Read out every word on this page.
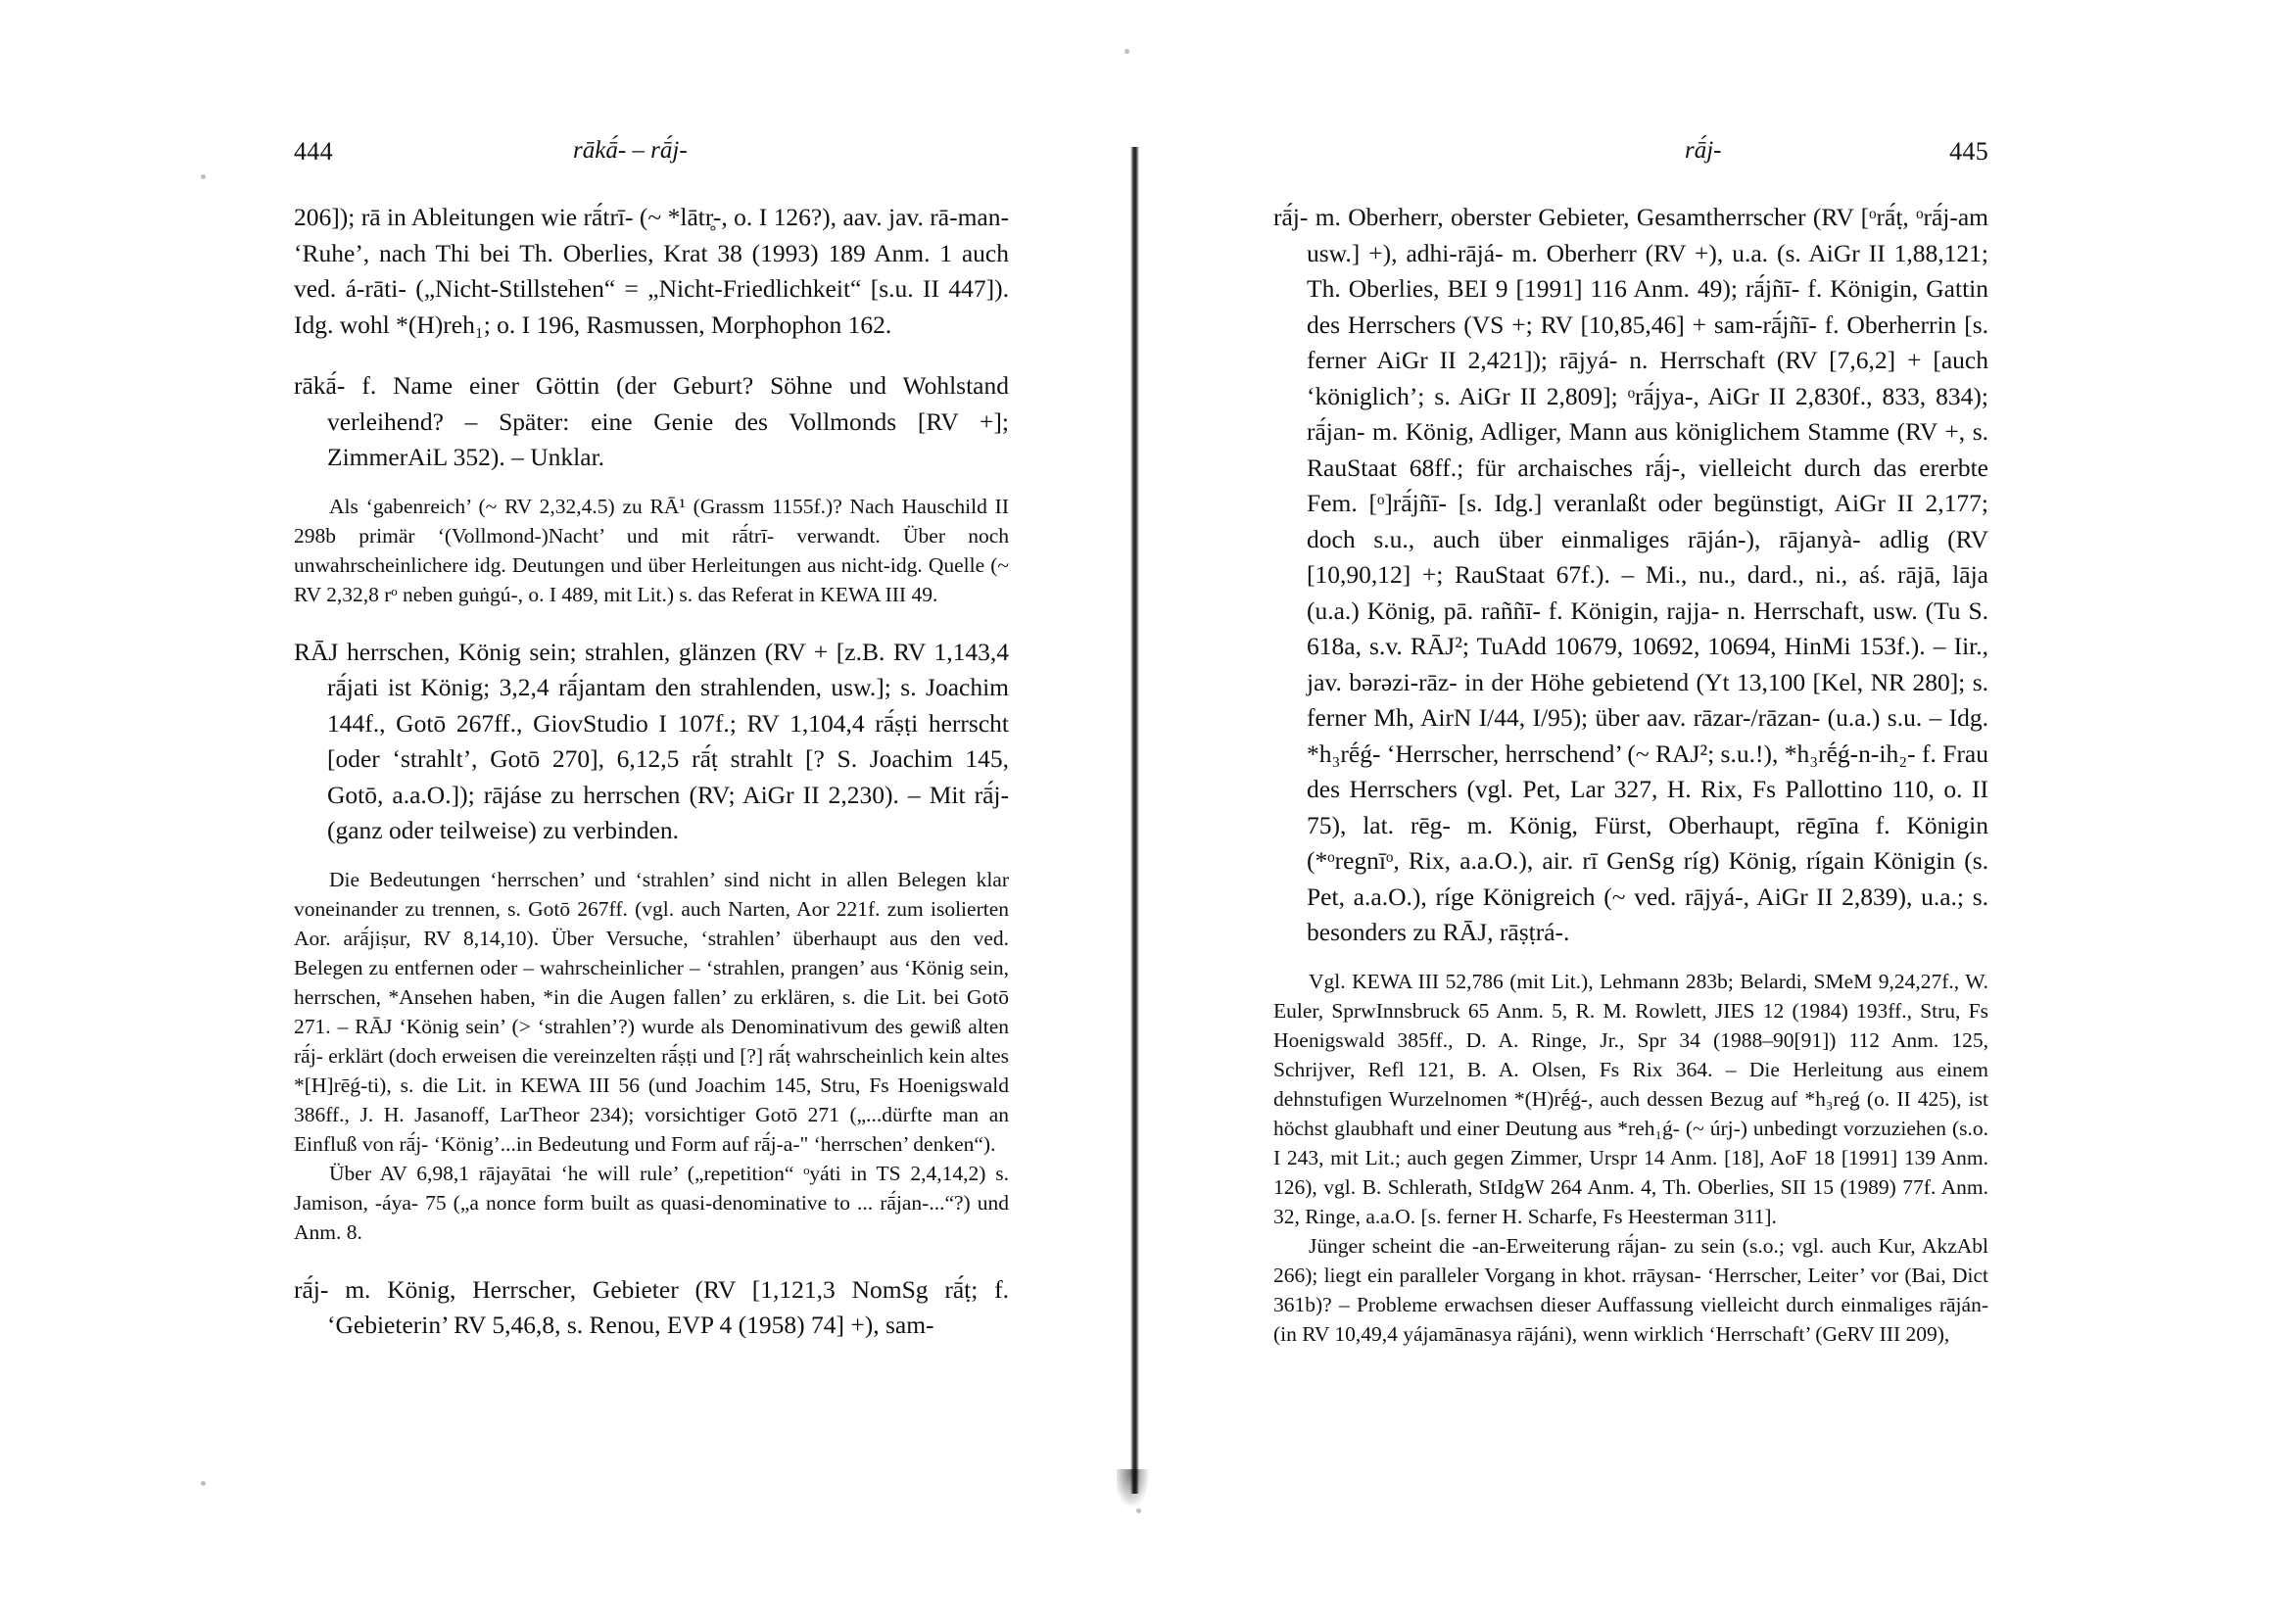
444	rākā́- – rā́j-

206]); rā in Ableitungen wie rā́trī- (~ *lātr̥-, o. I 126?), aav. jav. rā-man- ‘Ruhe’, nach Thi bei Th. Oberlies, Krat 38 (1993) 189 Anm. 1 auch ved. á-rāti- („Nicht-Stillstehen“ = „Nicht-Friedlichkeit“ [s.u. II 447]). Idg. wohl *(H)reh₁; o. I 196, Rasmussen, Morphophon 162.

rākā́- f. Name einer Göttin (der Geburt? Söhne und Wohlstand verleihend? – Später: eine Genie des Vollmonds [RV +]; ZimmerAiL 352). – Unklar.

Als ‘gabenreich’ (~ RV 2,32,4.5) zu RĀ¹ (Grassm 1155f.)? Nach Hauschild II 298b primär ‘(Vollmond-)Nacht’ und mit rā́trī- verwandt. Über noch unwahrscheinlichere idg. Deutungen und über Herleitungen aus nicht-idg. Quelle (~ RV 2,32,8 rᵒ neben guṅgú-, o. I 489, mit Lit.) s. das Referat in KEWA III 49.

RĀJ herrschen, König sein; strahlen, glänzen (RV + [z.B. RV 1,143,4 rā́jati ist König; 3,2,4 rā́jantam den strahlenden, usw.]; s. Joachim 144f., Gotō 267ff., GiovStudio I 107f.; RV 1,104,4 rā́ṣṭi herrscht [oder ‘strahlt’, Gotō 270], 6,12,5 rā́ṭ strahlt [? S. Joachim 145, Gotō, a.a.O.]); rājáse zu herrschen (RV; AiGr II 2,230). – Mit rā́j- (ganz oder teilweise) zu verbinden.

Die Bedeutungen ‘herrschen’ und ‘strahlen’ sind nicht in allen Belegen klar voneinander zu trennen, s. Gotō 267ff. (vgl. auch Narten, Aor 221f. zum isolierten Aor. arā́jiṣur, RV 8,14,10). Über Versuche, ‘strahlen’ überhaupt aus den ved. Belegen zu entfernen oder – wahrscheinlicher – ‘strahlen, prangen’ aus ‘König sein, herrschen, *Ansehen haben, *in die Augen fallen’ zu erklären, s. die Lit. bei Gotō 271. – RĀJ ‘König sein’ (> ‘strahlen’?) wurde als Denominativum des gewiß alten rā́j- erklärt (doch erweisen die vereinzelten rā́ṣṭi und [?] rā́ṭ wahrscheinlich kein altes *[H]rēǵ-ti), s. die Lit. in KEWA III 56 (und Joachim 145, Stru, Fs Hoenigswald 386ff., J. H. Jasanoff, LarTheor 234); vorsichtiger Gotō 271 („...dürfte man an Einfluß von rā́j- ‘König’...in Bedeutung und Form auf rā́j-a-" ‘herrschen’ denken“).

Über AV 6,98,1 rājayātai ‘he will rule’ („repetition“ ᵒyáti in TS 2,4,14,2) s. Jamison, -áya- 75 („a nonce form built as quasi-denominative to ... rā́jan-...“?) und Anm. 8.

rā́j- m. König, Herrscher, Gebieter (RV [1,121,3 NomSg rā́ṭ; f. ‘Gebieterin’ RV 5,46,8, s. Renou, EVP 4 (1958) 74] +), sam-

rā́j-	445

rā́j- m. Oberherr, oberster Gebieter, Gesamtherrscher (RV [ᵒrā́ṭ, ᵒrā́j-am usw.] +), adhi-rājá- m. Oberherr (RV +), u.a. (s. AiGr II 1,88,121; Th. Oberlies, BEI 9 [1991] 116 Anm. 49); rā́jñī- f. Königin, Gattin des Herrschers (VS +; RV [10,85,46] + sam-rā́jñī- f. Oberherrin [s. ferner AiGr II 2,421]); rājyá- n. Herrschaft (RV [7,6,2] + [auch ‘königlich’; s. AiGr II 2,809]; ᵒrā́jya-, AiGr II 2,830f., 833, 834); rā́jan- m. König, Adliger, Mann aus königlichem Stamme (RV +, s. RauStaat 68ff.; für archaisches rā́j-, vielleicht durch das ererbte Fem. [ᵒ]rā́jñī- [s. Idg.] veranlaßt oder begünstigt, AiGr II 2,177; doch s.u., auch über einmaliges rāján-), rājanyà- adlig (RV [10,90,12] +; RauStaat 67f.). – Mi., nu., dard., ni., aś. rājā, lāja (u.a.) König, pā. raññī- f. Königin, rajja- n. Herrschaft, usw. (Tu S. 618a, s.v. RĀJ²; TuAdd 10679, 10692, 10694, HinMi 153f.). – Iir., jav. bərəzi-rāz- in der Höhe gebietend (Yt 13,100 [Kel, NR 280]; s. ferner Mh, AirN I/44, I/95); über aav. rāzar-/rāzan- (u.a.) s.u. – Idg. *h₃rḗǵ- ‘Herrscher, herrschend’ (~ RAJ²; s.u.!), *h₃rḗǵ-n-ih₂- f. Frau des Herrschers (vgl. Pet, Lar 327, H. Rix, Fs Pallottino 110, o. II 75), lat. rēg- m. König, Fürst, Oberhaupt, rēgīna f. Königin (*ᵒregnīᵒ, Rix, a.a.O.), air. rī GenSg ríg) König, rígain Königin (s. Pet, a.a.O.), ríge Königreich (~ ved. rājyá-, AiGr II 2,839), u.a.; s. besonders zu RĀJ, rāṣṭrá-.

Vgl. KEWA III 52,786 (mit Lit.), Lehmann 283b; Belardi, SMeM 9,24,27f., W. Euler, SprwInnsbruck 65 Anm. 5, R. M. Rowlett, JIES 12 (1984) 193ff., Stru, Fs Hoenigswald 385ff., D. A. Ringe, Jr., Spr 34 (1988–90[91]) 112 Anm. 125, Schrijver, Refl 121, B. A. Olsen, Fs Rix 364. – Die Herleitung aus einem dehnstufigen Wurzelnomen *(H)rḗǵ-, auch dessen Bezug auf *h₃reǵ (o. II 425), ist höchst glaubhaft und einer Deutung aus *reh₁ǵ- (~ úrj-) unbedingt vorzuziehen (s.o. I 243, mit Lit.; auch gegen Zimmer, Urspr 14 Anm. [18], AoF 18 [1991] 139 Anm. 126), vgl. B. Schlerath, StIdgW 264 Anm. 4, Th. Oberlies, SII 15 (1989) 77f. Anm. 32, Ringe, a.a.O. [s. ferner H. Scharfe, Fs Heesterman 311].

Jünger scheint die -an-Erweiterung rā́jan- zu sein (s.o.; vgl. auch Kur, AkzAbl 266); liegt ein paralleler Vorgang in khot. rrāysan- ‘Herrscher, Leiter’ vor (Bai, Dict 361b)? – Probleme erwachsen dieser Auffassung vielleicht durch einmaliges rāján- (in RV 10,49,4 yájamānasya rājáni), wenn wirklich ‘Herrschaft’ (GeRV III 209),
